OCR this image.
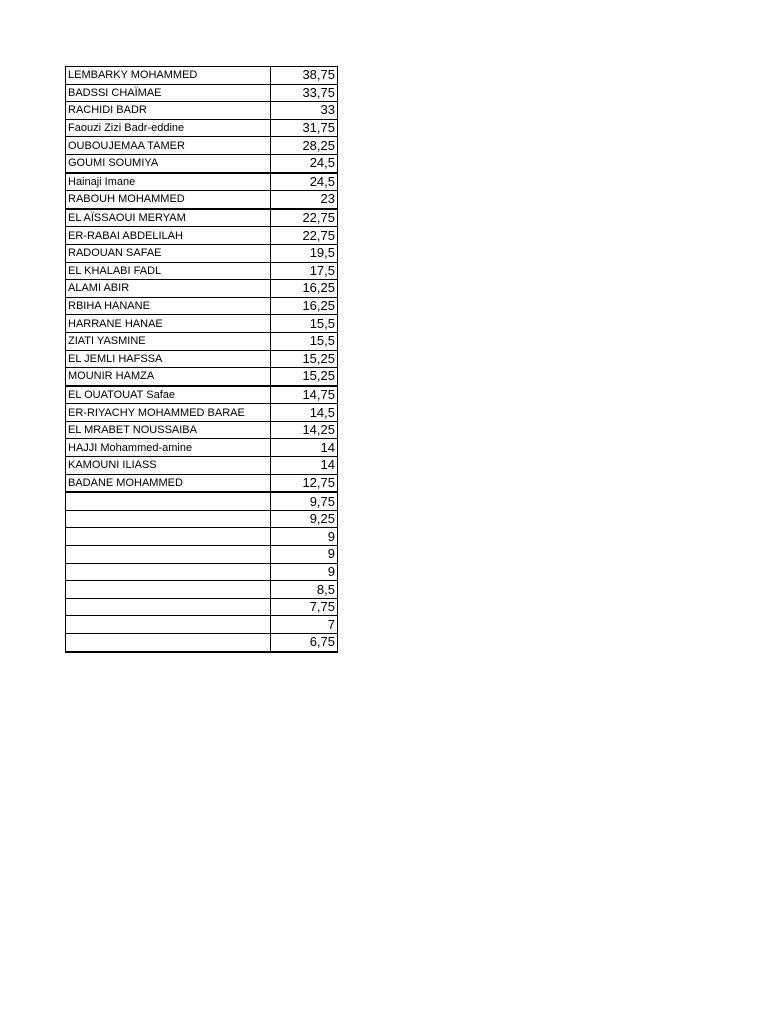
LEMBARKY MOHAMMED	38,75
BADSSI CHAÏMAE	33,75
RACHIDI BADR	33
Faouzi Zizi Badr-eddine	31,75
OUBOUJEMAA TAMER	28,25
GOUMI SOUMIYA	24,5
Hainaji Imane	24,5
RABOUH MOHAMMED	23
EL AÏSSAOUI MERYAM	22,75
ER-RABAI ABDELILAH	22,75
RADOUAN SAFAE	19,5
EL KHALABI FADL	17,5
ALAMI ABIR	16,25
RBIHA HANANE	16,25
HARRANE HANAE	15,5
ZIATI YASMINE	15,5
EL JEMLI HAFSSA	15,25
MOUNIR HAMZA	15,25
EL OUATOUAT Safae	14,75
ER-RIYACHY MOHAMMED BARAE	14,5
EL MRABET NOUSSAIBA	14,25
HAJJI Mohammed-amine	14
KAMOUNI ILIASS	14
BADANE MOHAMMED	12,75
	9,75
	9,25
	9
	9
	9
	8,5
	7,75
	7
	6,75
